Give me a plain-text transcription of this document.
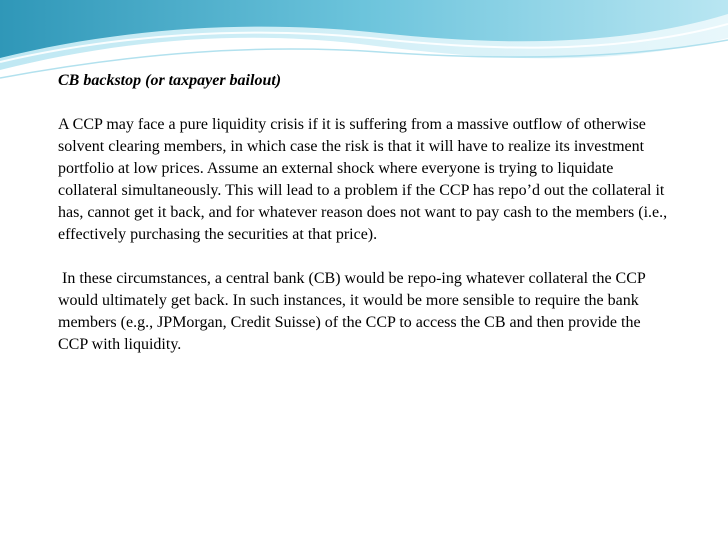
CB backstop (or taxpayer bailout)

A CCP may face a pure liquidity crisis if it is suffering from a massive outflow of otherwise solvent clearing members, in which case the risk is that it will have to realize its investment portfolio at low prices. Assume an external shock where everyone is trying to liquidate collateral simultaneously. This will lead to a problem if the CCP has repo’d out the collateral it has, cannot get it back, and for whatever reason does not want to pay cash to the members (i.e., effectively purchasing the securities at that price).

In these circumstances, a central bank (CB) would be repo-ing whatever collateral the CCP would ultimately get back. In such instances, it would be more sensible to require the bank members (e.g., JPMorgan, Credit Suisse) of the CCP to access the CB and then provide the CCP with liquidity.
